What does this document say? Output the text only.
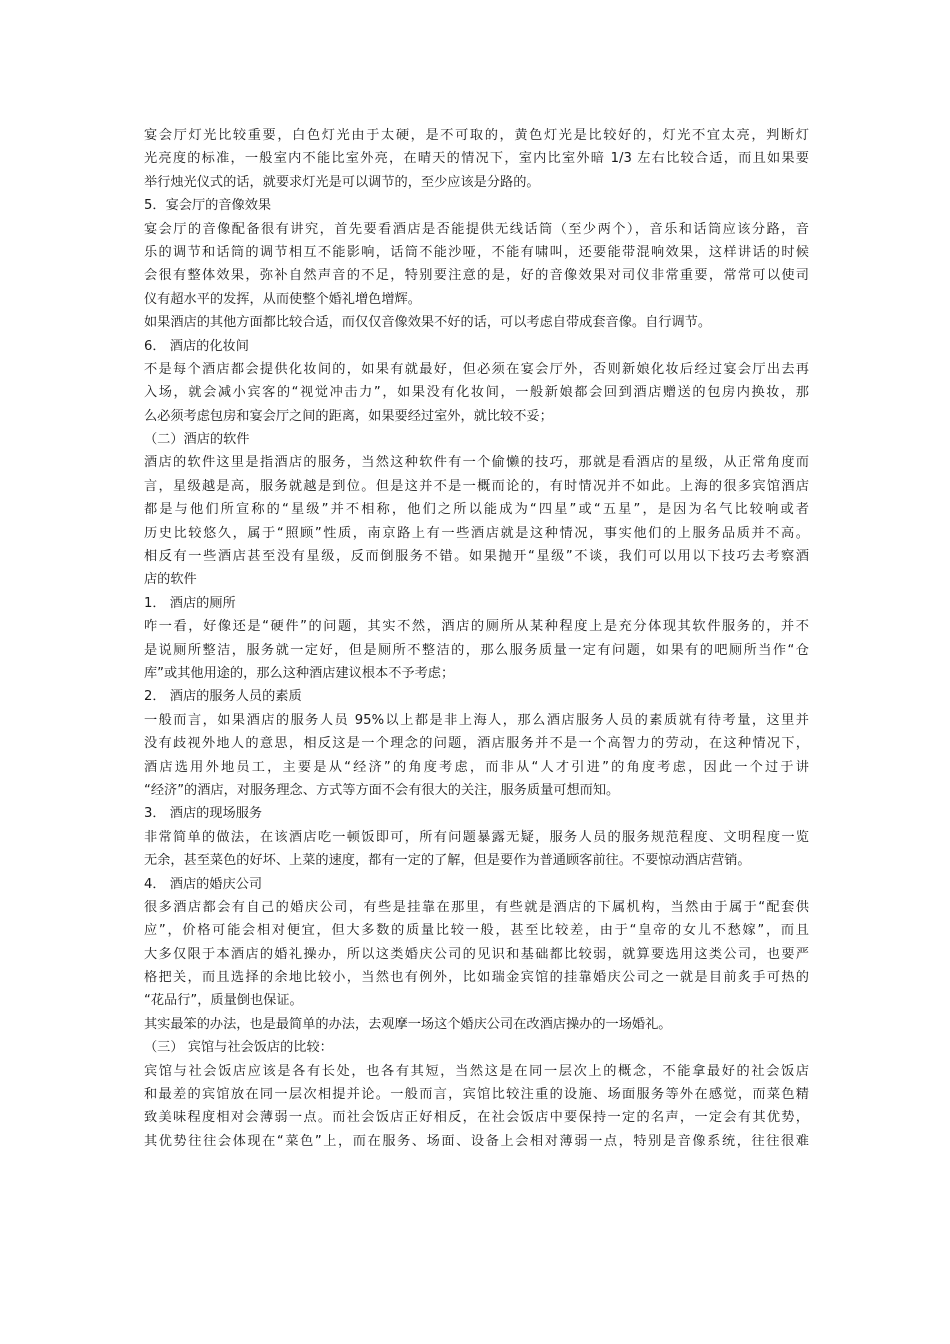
宴会厅灯光比较重要，白色灯光由于太硬，是不可取的，黄色灯光是比较好的，灯光不宜太亮，判断灯
光亮度的标准，一般室内不能比室外亮，在晴天的情况下，室内比室外暗 1/3 左右比较合适，而且如果要
举行烛光仪式的话，就要求灯光是可以调节的，至少应该是分路的。
5．宴会厅的音像效果
宴会厅的音像配备很有讲究，首先要看酒店是否能提供无线话筒（至少两个），音乐和话筒应该分路，音
乐的调节和话筒的调节相互不能影响，话筒不能沙哑，不能有啸叫，还要能带混响效果，这样讲话的时候
会很有整体效果，弥补自然声音的不足，特别要注意的是，好的音像效果对司仪非常重要，常常可以使司
仪有超水平的发挥，从而使整个婚礼增色增辉。
如果酒店的其他方面都比较合适，而仅仅音像效果不好的话，可以考虑自带成套音像。自行调节。
6． 酒店的化妆间
不是每个酒店都会提供化妆间的，如果有就最好，但必须在宴会厅外，否则新娘化妆后经过宴会厅出去再
入场，就会减小宾客的“视觉冲击力”，如果没有化妆间，一般新娘都会回到酒店赠送的包房内换妆，那
么必须考虑包房和宴会厅之间的距离，如果要经过室外，就比较不妥；
（二）酒店的软件
酒店的软件这里是指酒店的服务，当然这种软件有一个偷懒的技巧，那就是看酒店的星级，从正常角度而
言，星级越是高，服务就越是到位。但是这并不是一概而论的，有时情况并不如此。上海的很多宾馆酒店
都是与他们所宣称的“星级”并不相称，他们之所以能成为“四星”或“五星”，是因为名气比较响或者
历史比较悠久，属于“照顾”性质，南京路上有一些酒店就是这种情况，事实他们的上服务品质并不高。
相反有一些酒店甚至没有星级，反而倒服务不错。如果抛开“星级”不谈，我们可以用以下技巧去考察酒
店的软件
1． 酒店的厕所
咋一看，好像还是“硬件”的问题，其实不然，酒店的厕所从某种程度上是充分体现其软件服务的，并不
是说厕所整洁，服务就一定好，但是厕所不整洁的，那么服务质量一定有问题，如果有的吧厕所当作“仓
库”或其他用途的，那么这种酒店建议根本不予考虑；
2． 酒店的服务人员的素质
一般而言，如果酒店的服务人员 95%以上都是非上海人，那么酒店服务人员的素质就有待考量，这里并
没有歧视外地人的意思，相反这是一个理念的问题，酒店服务并不是一个高智力的劳动，在这种情况下，
酒店选用外地员工，主要是从“经济”的角度考虑，而非从“人才引进”的角度考虑，因此一个过于讲
“经济”的酒店，对服务理念、方式等方面不会有很大的关注，服务质量可想而知。
3． 酒店的现场服务
非常简单的做法，在该酒店吃一顿饭即可，所有问题暴露无疑，服务人员的服务规范程度、文明程度一览
无余，甚至菜色的好坏、上菜的速度，都有一定的了解，但是要作为普通顾客前往。不要惊动酒店营销。
4． 酒店的婚庆公司
很多酒店都会有自己的婚庆公司，有些是挂靠在那里，有些就是酒店的下属机构，当然由于属于“配套供
应”，价格可能会相对便宜，但大多数的质量比较一般，甚至比较差，由于“皇帝的女儿不愁嫁”，而且
大多仅限于本酒店的婚礼操办，所以这类婚庆公司的见识和基础都比较弱，就算要选用这类公司，也要严
格把关，而且选择的余地比较小，当然也有例外，比如瑞金宾馆的挂靠婚庆公司之一就是目前炙手可热的
“花品行”，质量倒也保证。
其实最笨的办法，也是最简单的办法，去观摩一场这个婚庆公司在改酒店操办的一场婚礼。
（三） 宾馆与社会饭店的比较：
宾馆与社会饭店应该是各有长处，也各有其短，当然这是在同一层次上的概念，不能拿最好的社会饭店
和最差的宾馆放在同一层次相提并论。一般而言，宾馆比较注重的设施、场面服务等外在感觉，而菜色精
致美味程度相对会薄弱一点。而社会饭店正好相反，在社会饭店中要保持一定的名声，一定会有其优势，
其优势往往会体现在“菜色”上，而在服务、场面、设备上会相对薄弱一点，特别是音像系统，往往很难
